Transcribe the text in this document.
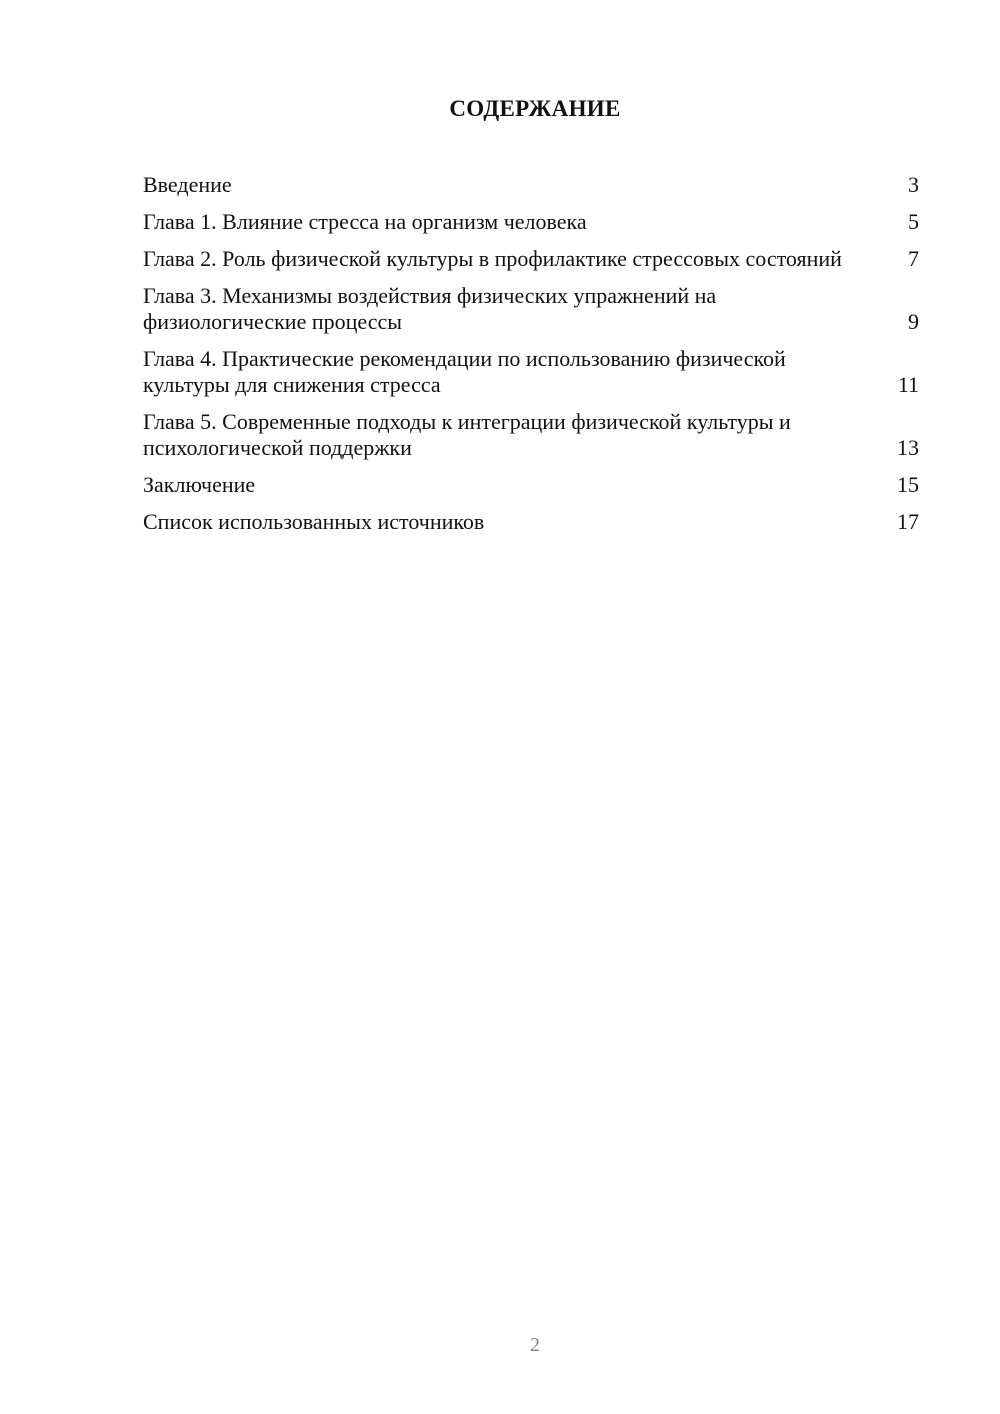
СОДЕРЖАНИЕ
Введение	3
Глава 1. Влияние стресса на организм человека	5
Глава 2. Роль физической культуры в профилактике стрессовых состояний	7
Глава 3. Механизмы воздействия физических упражнений на физиологические процессы	9
Глава 4. Практические рекомендации по использованию физической культуры для снижения стресса	11
Глава 5. Современные подходы к интеграции физической культуры и психологической поддержки	13
Заключение	15
Список использованных источников	17
2
